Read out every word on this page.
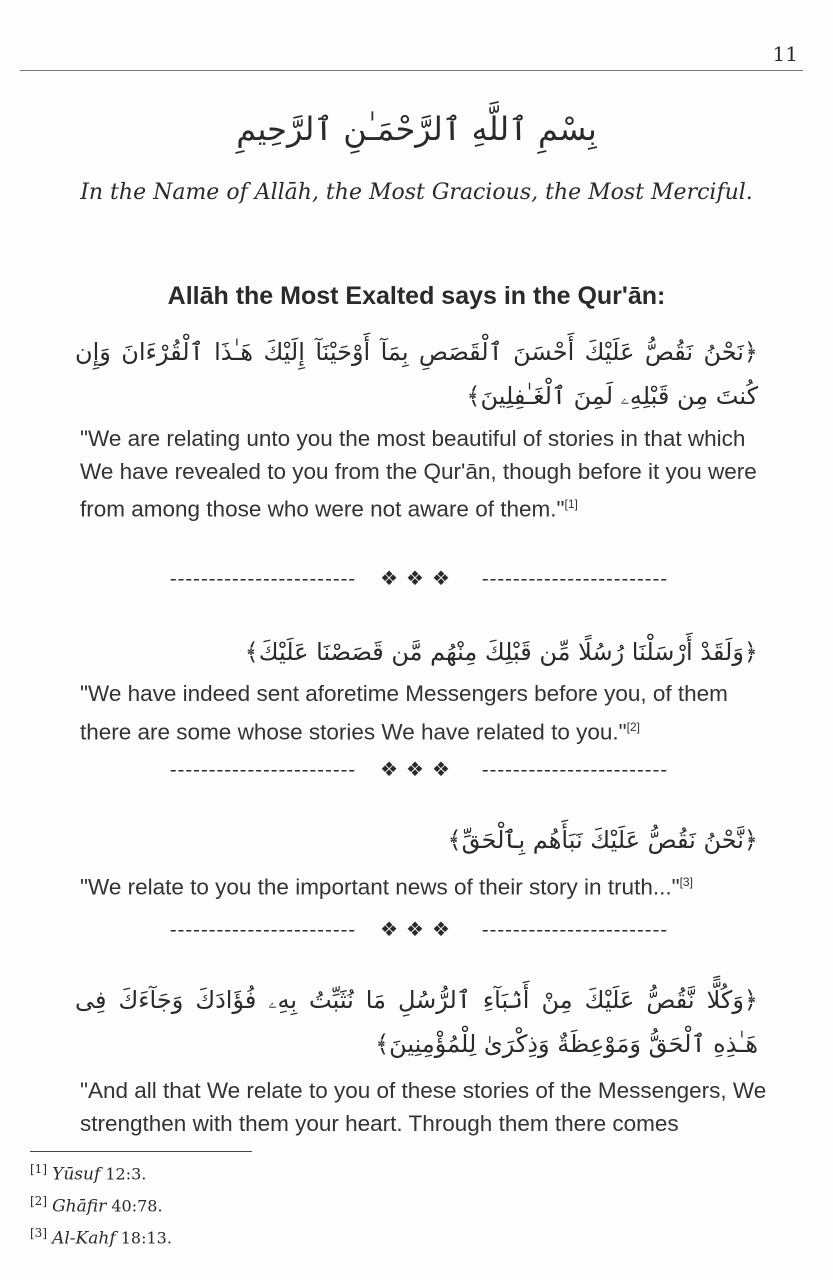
11
بِسْمِ ٱللَّهِ ٱلرَّحْمَـٰنِ ٱلرَّحِيمِ
In the Name of Allāh, the Most Gracious, the Most Merciful.
Allāh the Most Exalted says in the Qur'ān:
﴿نَحْنُ نَقُصُّ عَلَيْكَ أَحْسَنَ ٱلْقَصَصِ بِمَآ أَوْحَيْنَآ إِلَيْكَ هَـٰذَا ٱلْقُرْءَانَ وَإِن كُنتَ مِن قَبْلِهِۦ لَمِنَ ٱلْغَـٰفِلِينَ﴾
"We are relating unto you the most beautiful of stories in that which We have revealed to you from the Qur'ān, though before it you were from among those who were not aware of them."[1]
------------------------ ❖❖❖ ------------------------
﴿وَلَقَدْ أَرْسَلْنَا رُسُلًا مِّن قَبْلِكَ مِنْهُم مَّن قَصَصْنَا عَلَيْكَ﴾
"We have indeed sent aforetime Messengers before you, of them there are some whose stories We have related to you."[2]
------------------------ ❖❖❖ ------------------------
﴿نَّحْنُ نَقُصُّ عَلَيْكَ نَبَأَهُم بِٱلْحَقِّ﴾
"We relate to you the important news of their story in truth..."[3]
------------------------ ❖❖❖ ------------------------
﴿وَكُلًّا نَّقُصُّ عَلَيْكَ مِنْ أَنۢبَآءِ ٱلرُّسُلِ مَا نُثَبِّتُ بِهِۦ فُؤَادَكَ وَجَآءَكَ فِى هَـٰذِهِ ٱلْحَقُّ وَمَوْعِظَةٌ وَذِكْرَىٰ لِلْمُؤْمِنِينَ﴾
"And all that We relate to you of these stories of the Messengers, We strengthen with them your heart. Through them there comes
[1] Yūsuf 12:3.
[2] Ghāfir 40:78.
[3] Al-Kahf 18:13.
